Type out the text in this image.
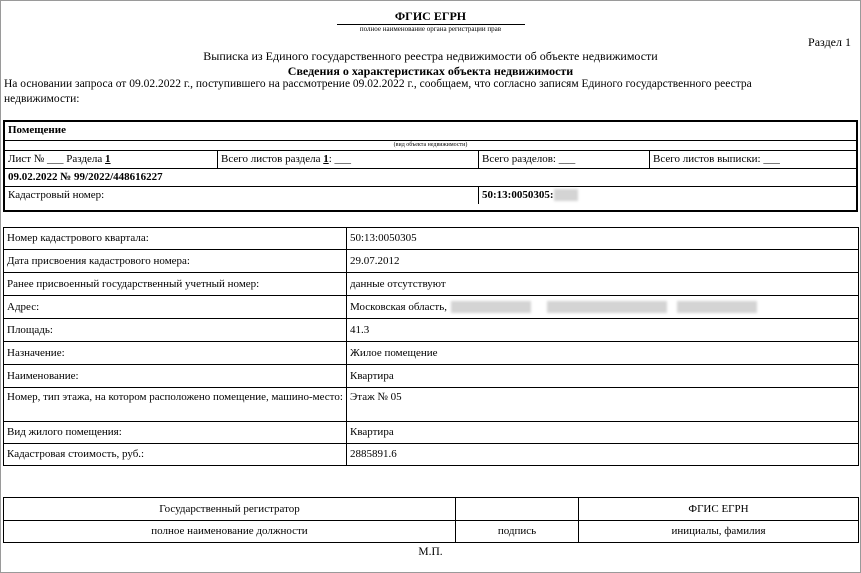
ФГИС ЕГРН
полное наименование органа регистрации прав
Раздел 1
Выписка из Единого государственного реестра недвижимости об объекте недвижимости
Сведения о характеристиках объекта недвижимости
На основании запроса от 09.02.2022 г., поступившего на рассмотрение 09.02.2022 г., сообщаем, что согласно записям Единого государственного реестра
недвижимости:
Помещение			
(вид объекта недвижимости)			
Лист № ___ Раздела 1	Всего листов раздела 1: ___	Всего разделов: ___	Всего листов выписки: ___
09.02.2022 № 99/2022/448616227			
Кадастровый номер:		50:13:0050305:	
Номер кадастрового квартала:	50:13:0050305
Дата присвоения кадастрового номера:	29.07.2012
Ранее присвоенный государственный учетный номер:	данные отсутствуют
Адрес:	Московская область,
Площадь:	41.3
Назначение:	Жилое помещение
Наименование:	Квартира
Номер, тип этажа, на котором расположено помещение, машино-место:	Этаж № 05
Вид жилого помещения:	Квартира
Кадастровая стоимость, руб.:	2885891.6
Государственный регистратор		ФГИС ЕГРН
полное наименование должности	подпись	инициалы, фамилия
М.П.
